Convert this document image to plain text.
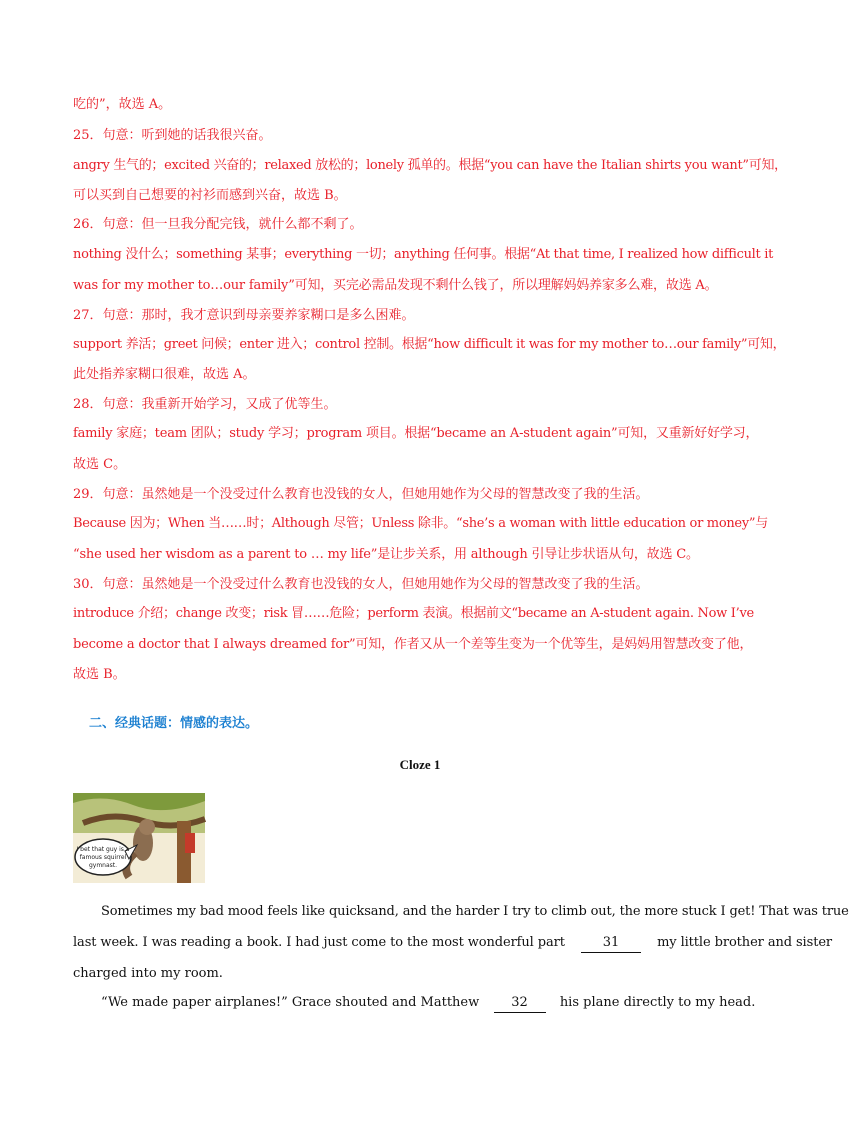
吃的”，故选 A。
25．句意：听到她的话我很兴奋。
angry 生气的；excited 兴奋的；relaxed 放松的；lonely 孤单的。根据“you can have the Italian shirts you want”可知，
可以买到自己想要的衬衫而感到兴奋，故选 B。
26．句意：但一旦我分配完钱，就什么都不剩了。
nothing 没什么；something 某事；everything 一切；anything 任何事。根据“At that time, I realized how difficult it
was for my mother to…our family”可知，买完必需品发现不剩什么钱了，所以理解妈妈养家多么难，故选 A。
27．句意：那时，我才意识到母亲要养家糊口是多么困难。
support 养活；greet 问候；enter 进入；control 控制。根据“how difficult it was for my mother to…our family”可知，
此处指养家糊口很难，故选 A。
28．句意：我重新开始学习，又成了优等生。
family 家庭；team 团队；study 学习；program 项目。根据“became an A-student again”可知，又重新好好学习，
故选 C。
29．句意：虽然她是一个没受过什么教育也没钱的女人，但她用她作为父母的智慧改变了我的生活。
Because 因为；When 当……时；Although 尽管；Unless 除非。“she’s a woman with little education or money”与
“she used her wisdom as a parent to … my life”是让步关系，用 although 引导让步状语从句，故选 C。
30．句意：虽然她是一个没受过什么教育也没钱的女人，但她用她作为父母的智慧改变了我的生活。
introduce 介绍；change 改变；risk 冒……危险；perform 表演。根据前文“became an A-student again. Now I’ve
become a doctor that I always dreamed for”可知，作者又从一个差等生变为一个优等生，是妈妈用智慧改变了他，
故选 B。
二、经典话题：情感的表达。
Cloze 1
I bet that guy is a
famous squirrel
gymnast.
Sometimes my bad mood feels like quicksand, and the harder I try to climb out, the more stuck I get! That was true
last week. I was reading a book. I had just come to the most wonderful part	31	my little brother and sister
charged into my room.
“We made paper airplanes!” Grace shouted and Matthew 32 his plane directly to my head.
